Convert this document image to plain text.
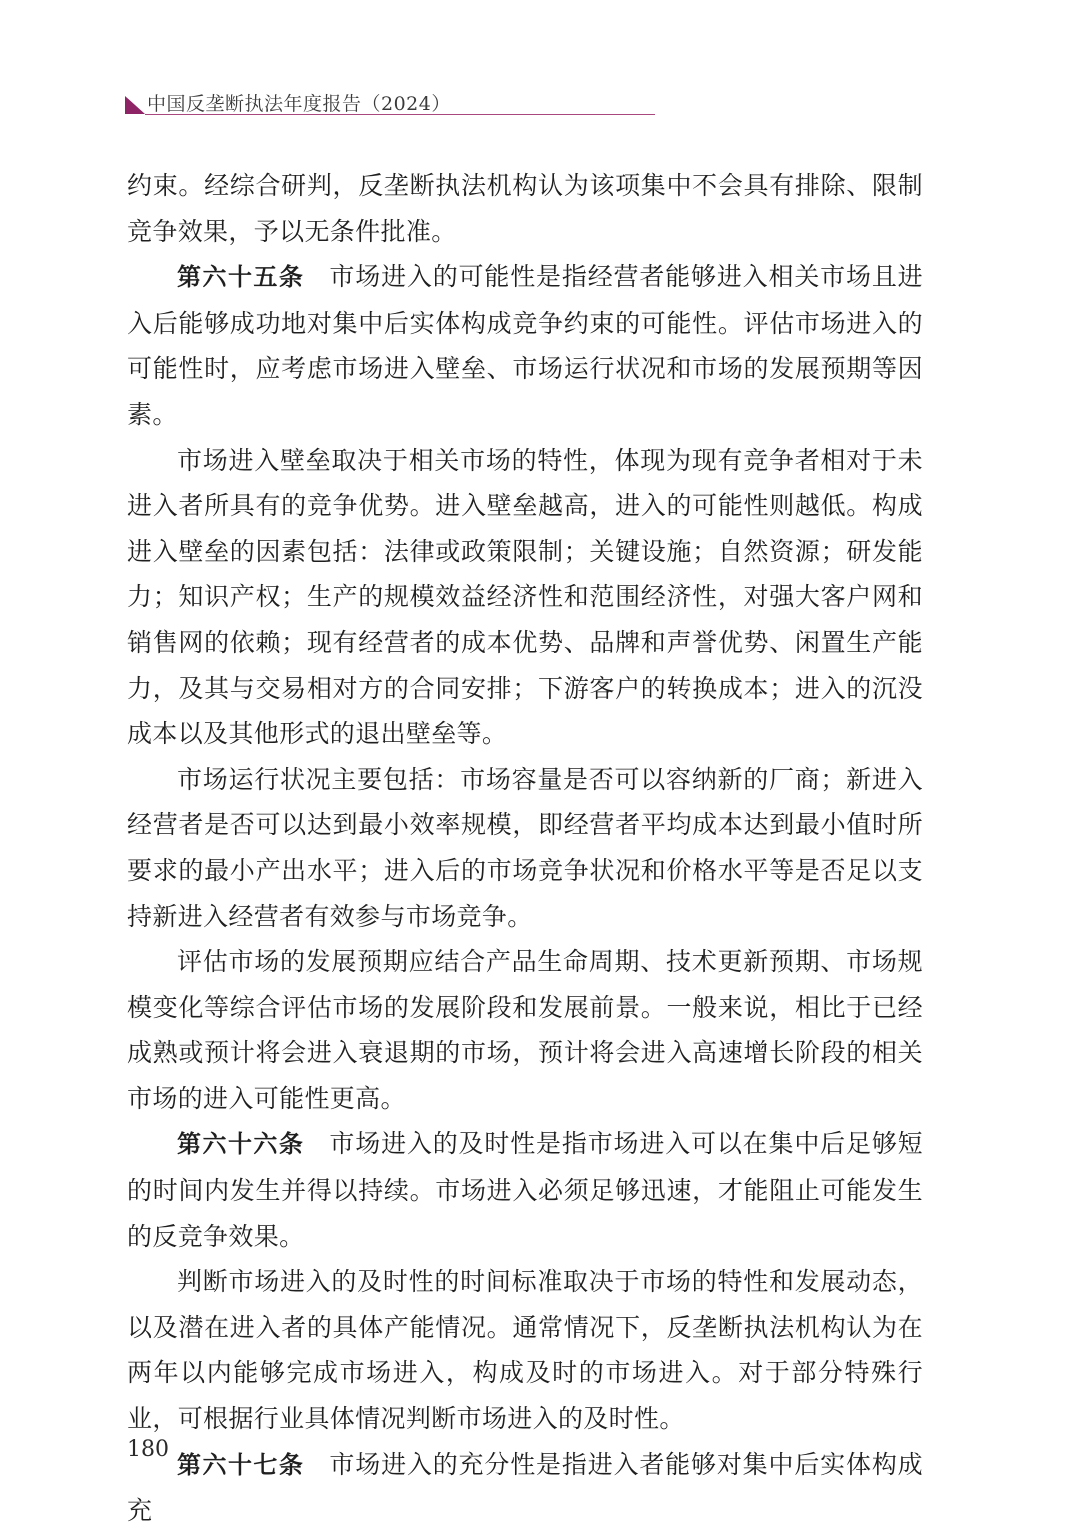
中国反垄断执法年度报告（2024）

约束。经综合研判，反垄断执法机构认为该项集中不会具有排除、限制竞争效果，予以无条件批准。

第六十五条 市场进入的可能性是指经营者能够进入相关市场且进入后能够成功地对集中后实体构成竞争约束的可能性。评估市场进入的可能性时，应考虑市场进入壁垒、市场运行状况和市场的发展预期等因素。

市场进入壁垒取决于相关市场的特性，体现为现有竞争者相对于未进入者所具有的竞争优势。进入壁垒越高，进入的可能性则越低。构成进入壁垒的因素包括：法律或政策限制；关键设施；自然资源；研发能力；知识产权；生产的规模效益经济性和范围经济性，对强大客户网和销售网的依赖；现有经营者的成本优势、品牌和声誉优势、闲置生产能力，及其与交易相对方的合同安排；下游客户的转换成本；进入的沉没成本以及其他形式的退出壁垒等。

市场运行状况主要包括：市场容量是否可以容纳新的厂商；新进入经营者是否可以达到最小效率规模，即经营者平均成本达到最小值时所要求的最小产出水平；进入后的市场竞争状况和价格水平等是否足以支持新进入经营者有效参与市场竞争。

评估市场的发展预期应结合产品生命周期、技术更新预期、市场规模变化等综合评估市场的发展阶段和发展前景。一般来说，相比于已经成熟或预计将会进入衰退期的市场，预计将会进入高速增长阶段的相关市场的进入可能性更高。

第六十六条 市场进入的及时性是指市场进入可以在集中后足够短的时间内发生并得以持续。市场进入必须足够迅速，才能阻止可能发生的反竞争效果。

判断市场进入的及时性的时间标准取决于市场的特性和发展动态，以及潜在进入者的具体产能情况。通常情况下，反垄断执法机构认为在两年以内能够完成市场进入，构成及时的市场进入。对于部分特殊行业，可根据行业具体情况判断市场进入的及时性。

第六十七条 市场进入的充分性是指进入者能够对集中后实体构成充

180
